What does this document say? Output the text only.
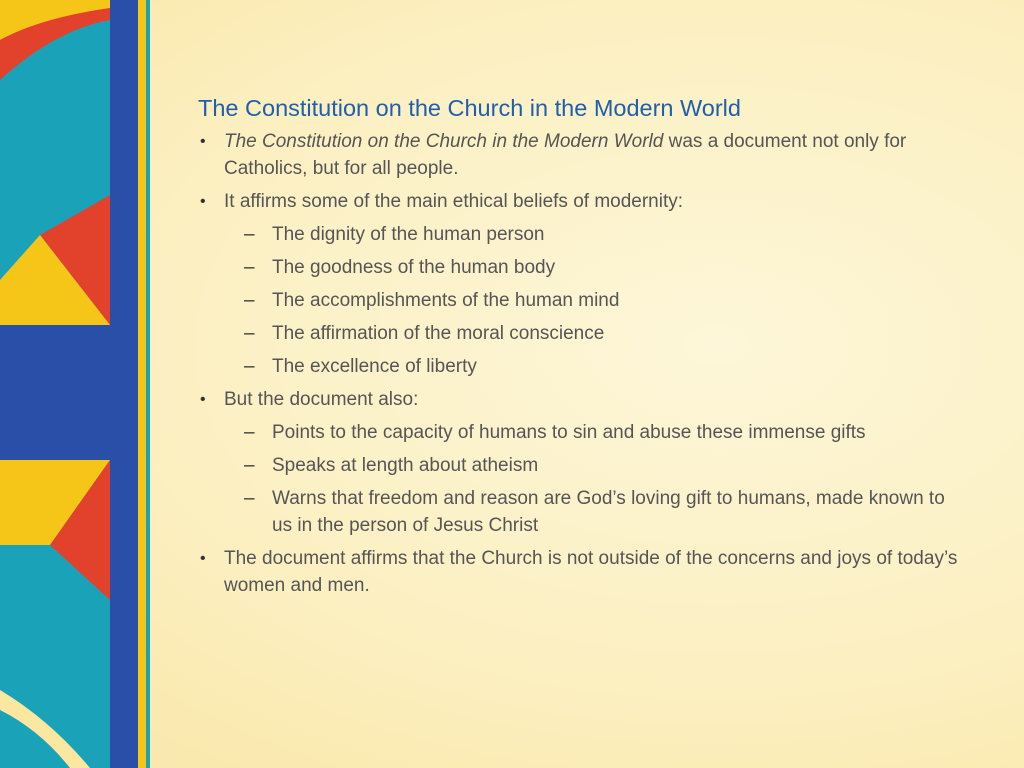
The Constitution on the Church in the Modern World
• The Constitution on the Church in the Modern World was a document not only for Catholics, but for all people.
• It affirms some of the main ethical beliefs of modernity:
– The dignity of the human person
– The goodness of the human body
– The accomplishments of the human mind
– The affirmation of the moral conscience
– The excellence of liberty
• But the document also:
– Points to the capacity of humans to sin and abuse these immense gifts
– Speaks at length about atheism
– Warns that freedom and reason are God’s loving gift to humans, made known to us in the person of Jesus Christ
• The document affirms that the Church is not outside of the concerns and joys of today’s women and men.
